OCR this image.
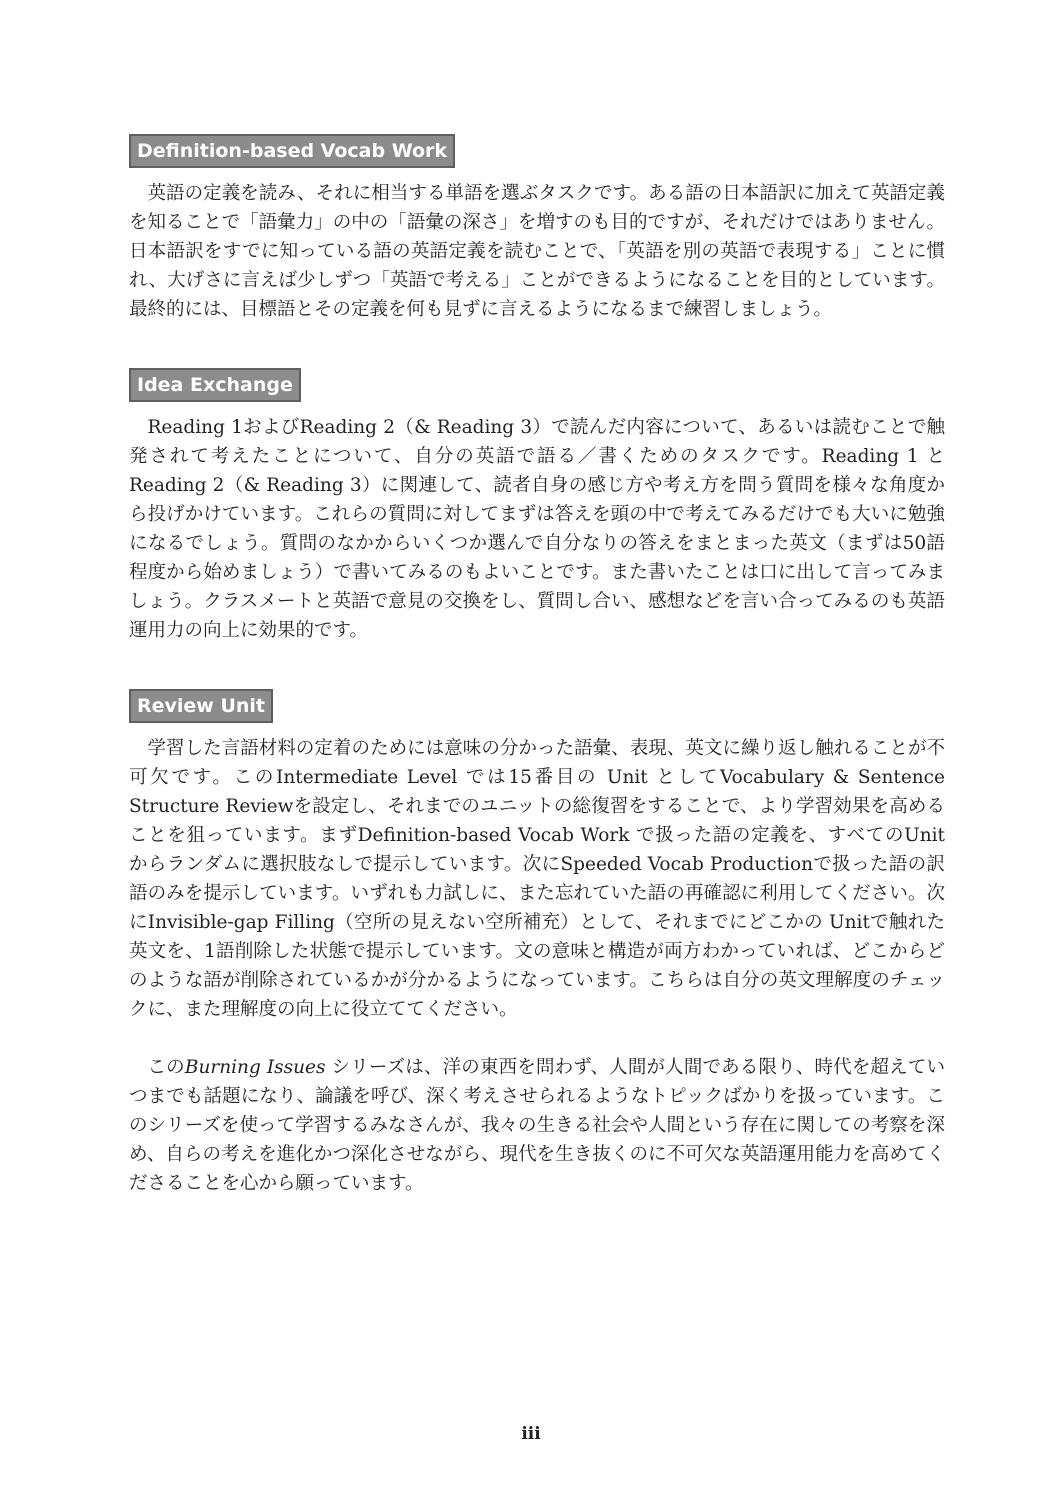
Definition-based Vocab Work

英語の定義を読み、それに相当する単語を選ぶタスクです。ある語の日本語訳に加えて英語定義を知ることで「語彙力」の中の「語彙の深さ」を増すのも目的ですが、それだけではありません。日本語訳をすでに知っている語の英語定義を読むことで、「英語を別の英語で表現する」ことに慣れ、大げさに言えば少しずつ「英語で考える」ことができるようになることを目的としています。最終的には、目標語とその定義を何も見ずに言えるようになるまで練習しましょう。

Idea Exchange

Reading 1およびReading 2（& Reading 3）で読んだ内容について、あるいは読むことで触発されて考えたことについて、自分の英語で語る／書くためのタスクです。Reading 1 とReading 2（& Reading 3）に関連して、読者自身の感じ方や考え方を問う質問を様々な角度から投げかけています。これらの質問に対してまずは答えを頭の中で考えてみるだけでも大いに勉強になるでしょう。質問のなかからいくつか選んで自分なりの答えをまとまった英文（まずは50語程度から始めましょう）で書いてみるのもよいことです。また書いたことは口に出して言ってみましょう。クラスメートと英語で意見の交換をし、質問し合い、感想などを言い合ってみるのも英語運用力の向上に効果的です。

Review Unit

学習した言語材料の定着のためには意味の分かった語彙、表現、英文に繰り返し触れることが不可欠です。このIntermediate Level では15番目の Unit としてVocabulary & Sentence Structure Reviewを設定し、それまでのユニットの総復習をすることで、より学習効果を高めることを狙っています。まずDefinition-based Vocab Work で扱った語の定義を、すべてのUnit からランダムに選択肢なしで提示しています。次にSpeeded Vocab Productionで扱った語の訳語のみを提示しています。いずれも力試しに、また忘れていた語の再確認に利用してください。次にInvisible-gap Filling（空所の見えない空所補充）として、それまでにどこかの Unitで触れた英文を、1語削除した状態で提示しています。文の意味と構造が両方わかっていれば、どこからどのような語が削除されているかが分かるようになっています。こちらは自分の英文理解度のチェックに、また理解度の向上に役立ててください。

このBurning Issues シリーズは、洋の東西を問わず、人間が人間である限り、時代を超えていつまでも話題になり、論議を呼び、深く考えさせられるようなトピックばかりを扱っています。このシリーズを使って学習するみなさんが、我々の生きる社会や人間という存在に関しての考察を深め、自らの考えを進化かつ深化させながら、現代を生き抜くのに不可欠な英語運用能力を高めてくださることを心から願っています。

iii
